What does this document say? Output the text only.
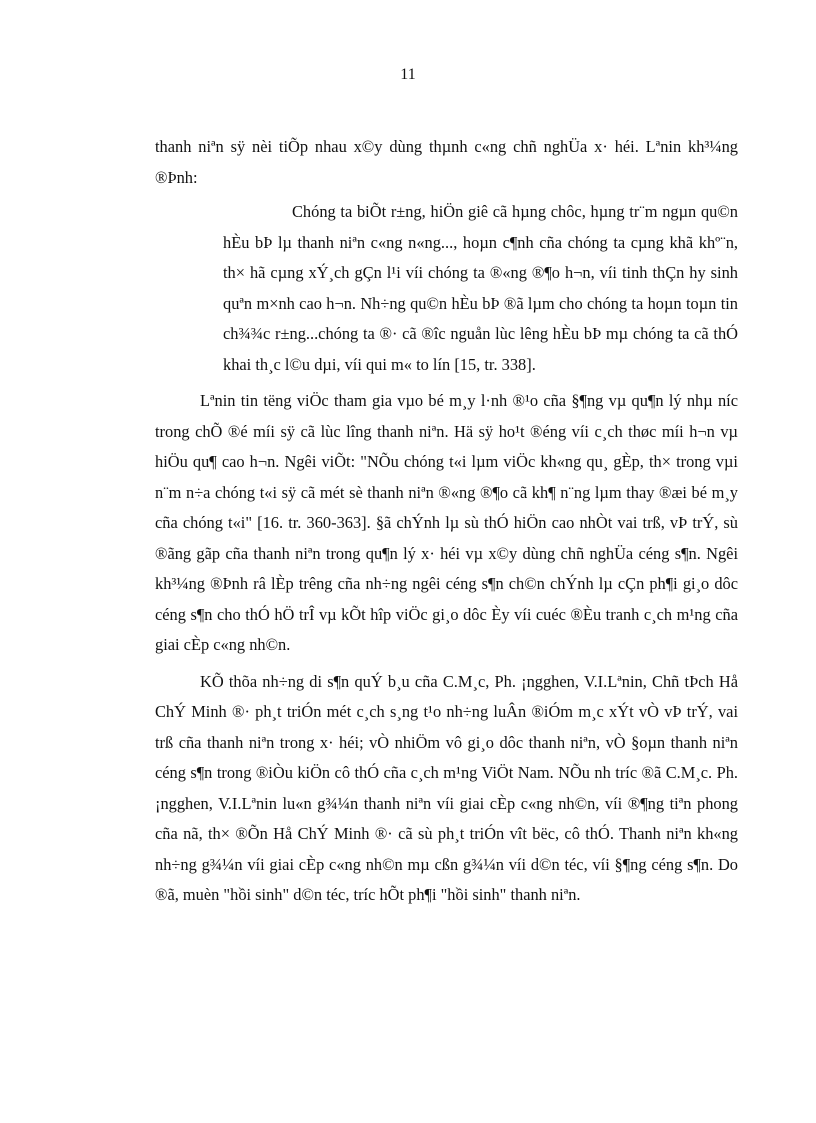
11

thanh niªn sÿ nèi tiÕp nhau x©y dùng thµnh c«ng chñ nghÜa x· héi. Lªnin kh³¼ng ®Þnh:

Chóng ta biÕt r±ng, hiÖn giê cã hµng chôc, hµng tr¨m ngµn qu©n hÈu bÞ lµ thanh niªn c«ng n«ng..., hoµn c¶nh cña chóng ta cµng khã khº¨n, th× hã cµng xÝ¸ch gÇn l¹i víi chóng ta ®«ng ®¶o h¬n, víi tinh thÇn hy sinh quªn m×nh cao h¬n. Nh÷ng qu©n hÈu bÞ ®ã lµm cho chóng ta hoµn toµn tin ch¾¾c r±ng...chóng ta ®· cã ®îc nguån lùc lêng hÈu bÞ mµ chóng ta cã thÓ khai th¸c l©u dµi, víi qui m« to lín [15, tr. 338].

Lªnin tin tëng viÖc tham gia vµo bé m¸y l·nh ®¹o cña §¶ng vµ qu¶n lý nhµ níc trong chÕ ®é míi sÿ cã lùc lîng thanh niªn. Hä sÿ ho¹t ®éng víi c¸ch thøc míi h¬n vµ hiÖu qu¶ cao h¬n. Ngêi viÕt: "NÕu chóng t«i lµm viÖc kh«ng qu¸ gÈp, th× trong vµi n¨m n÷a chóng t«i sÿ cã mét sè thanh niªn ®«ng ®¶o cã kh¶ n¨ng lµm thay ®æi bé m¸y cña chóng t«i" [16. tr. 360-363]. §ã chÝnh lµ sù thÓ hiÖn cao nhÒt vai trß, vÞ trÝ, sù ®ãng gãp cña thanh niªn trong qu¶n lý x· héi vµ x©y dùng chñ nghÜa céng s¶n. Ngêi kh³¼ng ®Þnh râ lÈp trêng cña nh÷ng ngêi céng s¶n ch©n chÝnh lµ cÇn ph¶i gi¸o dôc céng s¶n cho thÓ hÖ trÎ vµ kÕt hîp viÖc gi¸o dôc Èy víi cuéc ®Èu tranh c¸ch m¹ng cña giai cÈp c«ng nh©n.

KÕ thõa nh÷ng di s¶n quÝ b¸u cña C.M¸c, Ph. ¡ngghen, V.I.Lªnin, Chñ tÞch Hå ChÝ Minh ®· ph¸t triÓn mét c¸ch s¸ng t¹o nh÷ng luÂn ®iÓm m¸c xÝt vÒ vÞ trÝ, vai trß cña thanh niªn trong x· héi; vÒ nhiÖm vô gi¸o dôc thanh niªn, vÒ §oµn thanh niªn céng s¶n trong ®iÒu kiÖn cô thÓ cña c¸ch m¹ng ViÖt Nam. NÕu nh tríc ®ã C.M¸c. Ph. ¡ngghen, V.I.Lªnin lu«n g¾¼n thanh niªn víi giai cÈp c«ng nh©n, víi ®¶ng tiªn phong cña nã, th× ®Õn Hå ChÝ Minh ®· cã sù ph¸t triÓn vît bëc, cô thÓ. Thanh niªn kh«ng nh÷ng g¾¼n víi giai cÈp c«ng nh©n mµ cßn g¾¼n víi d©n téc, víi §¶ng céng s¶n. Do ®ã, muèn "hồi sinh" d©n téc, tríc hÕt ph¶i "hồi sinh" thanh niªn.
